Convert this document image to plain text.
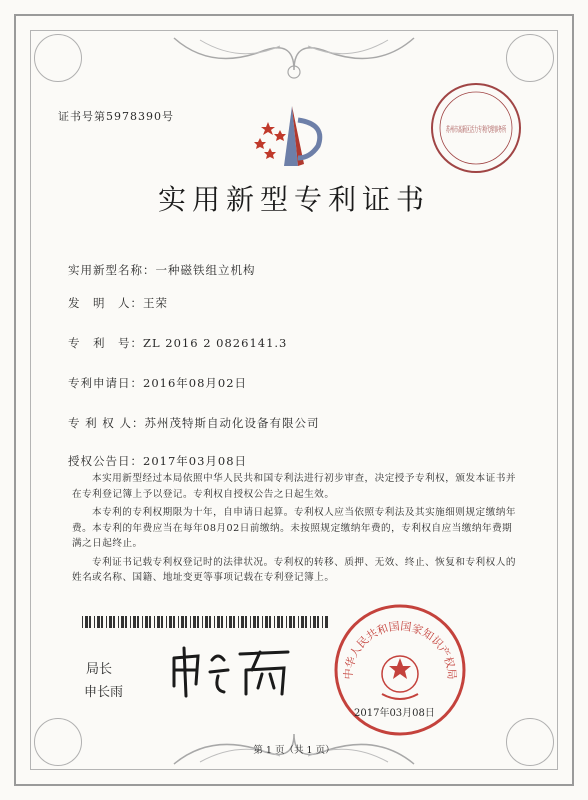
证书号第5978390号
苏州市高新区活力专利代理事务所
实用新型专利证书
实用新型名称：一种磁铁组立机构
发　明　人：王荣
专　利　号：ZL 2016 2 0826141.3
专利申请日：2016年08月02日
专 利 权 人：苏州茂特斯自动化设备有限公司
授权公告日：2017年03月08日

本实用新型经过本局依照中华人民共和国专利法进行初步审查，决定授予专利权，颁发本证书并在专利登记簿上予以登记。专利权自授权公告之日起生效。

本专利的专利权期限为十年，自申请日起算。专利权人应当依照专利法及其实施细则规定缴纳年费。本专利的年费应当在每年08月02日前缴纳。未按照规定缴纳年费的，专利权自应当缴纳年费期满之日起终止。

专利证书记载专利权登记时的法律状况。专利权的转移、质押、无效、终止、恢复和专利权人的姓名或名称、国籍、地址变更等事项记载在专利登记簿上。

局长
申长雨
中华人民共和国国家知识产权局
2017年03月08日
第 1 页（共 1 页）
